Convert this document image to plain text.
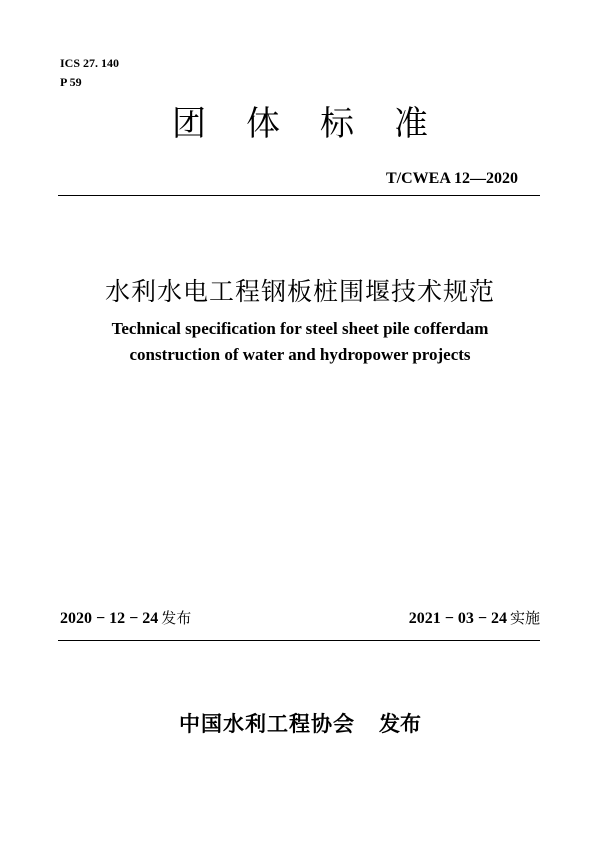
ICS 27. 140
P 59
团体标准
T/CWEA 12—2020
水利水电工程钢板桩围堰技术规范
Technical specification for steel sheet pile cofferdam
construction of water and hydropower projects
2020 − 12 − 24 发布	2021 − 03 − 24 实施
中国水利工程协会 发布
